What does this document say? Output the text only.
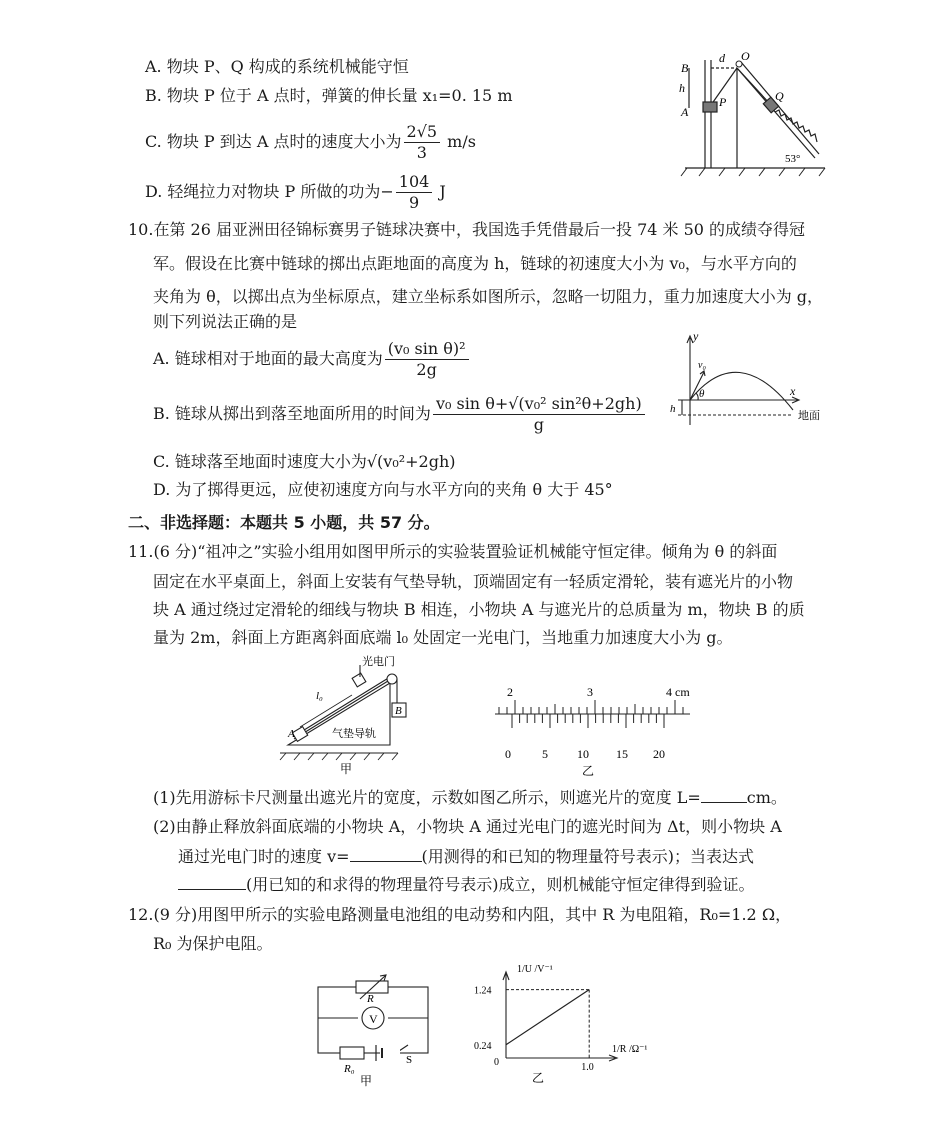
A. 物块 P、Q 构成的系统机械能守恒
B. 物块 P 位于 A 点时，弹簧的伸长量 x₁=0. 15 m
C. 物块 P 到达 A 点时的速度大小为 $\frac{2√5}{3} m/s$
D. 轻绳拉力对物块 P 所做的功为− $\frac{104}{9}$ J
B
d O
h
A
P	Q
53°
10.在第 26 届亚洲田径锦标赛男子链球决赛中，我国选手凭借最后一投 74 米 50 的成绩夺得冠
军。假设在比赛中链球的掷出点距地面的高度为 h，链球的初速度大小为 v₀，与水平方向的
夹角为 θ，以掷出点为坐标原点，建立坐标系如图所示，忽略一切阻力，重力加速度大小为 g，
则下列说法正确的是
A. 链球相对于地面的最大高度为 $\frac{\text{(v₀ sin θ)²}}{2g}$
B. 链球从掷出到落至地面所用的时间为 $\frac{\text{v₀ sin θ+√(v₀² sin²θ+2gh)}}{g}$
C. 链球落至地面时速度大小为√(v₀²+2gh)
D. 为了掷得更远，应使初速度方向与水平方向的夹角 θ 大于 45°
y
x
v₀
θ
h
地面
二、非选择题：本题共 5 小题，共 57 分。
11.(6 分)“祖冲之”实验小组用如图甲所示的实验装置验证机械能守恒定律。倾角为 θ 的斜面
固定在水平桌面上，斜面上安装有气垫导轨，顶端固定有一轻质定滑轮，装有遮光片的小物
块 A 通过绕过定滑轮的细线与物块 B 相连，小物块 A 与遮光片的总质量为 m，物块 B 的质
量为 2m，斜面上方距离斜面底端 l₀ 处固定一光电门，当地重力加速度大小为 g。
光电门
l₀
B
A	气垫导轨
甲
2	3	4 cm
0	5 10 15 20
乙
(1)先用游标卡尺测量出遮光片的宽度，示数如图乙所示，则遮光片的宽度 L=	cm。
(2)由静止释放斜面底端的小物块 A，小物块 A 通过光电门的遮光时间为 Δt，则小物块 A
通过光电门时的速度 v=	(用测得的和已知的物理量符号表示)；当表达式
(用已知的和求得的物理量符号表示)成立，则机械能守恒定律得到验证。
12.(9 分)用图甲所示的实验电路测量电池组的电动势和内阻，其中 R 为电阻箱，R₀=1.2 Ω，
R₀ 为保护电阻。
R
V
R₀
S
甲
1.24
0.24
1.0
1/U /V⁻¹
1/R /Ω⁻¹
0
乙
